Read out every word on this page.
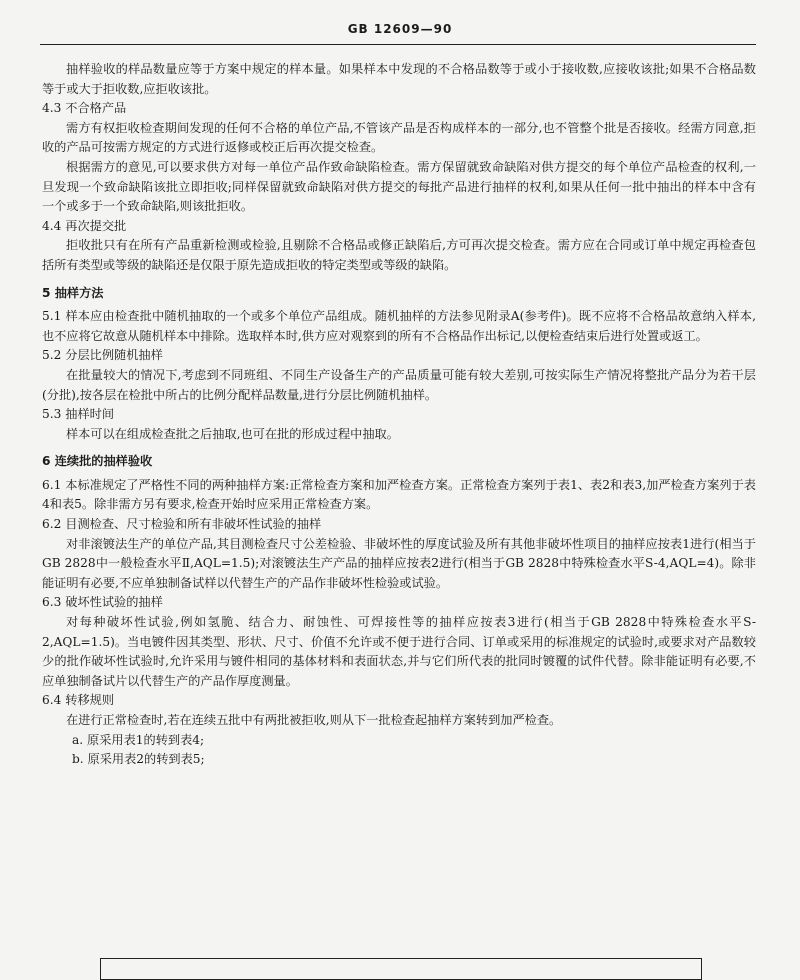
GB 12609—90

抽样验收的样品数量应等于方案中规定的样本量。如果样本中发现的不合格品数等于或小于接收数,应接收该批;如果不合格品数等于或大于拒收数,应拒收该批。

4.3 不合格产品

需方有权拒收检查期间发现的任何不合格的单位产品,不管该产品是否构成样本的一部分,也不管整个批是否接收。经需方同意,拒收的产品可按需方规定的方式进行返修或校正后再次提交检查。

根据需方的意见,可以要求供方对每一单位产品作致命缺陷检查。需方保留就致命缺陷对供方提交的每个单位产品检查的权利,一旦发现一个致命缺陷该批立即拒收;同样保留就致命缺陷对供方提交的每批产品进行抽样的权利,如果从任何一批中抽出的样本中含有一个或多于一个致命缺陷,则该批拒收。

4.4 再次提交批

拒收批只有在所有产品重新检测或检验,且剔除不合格品或修正缺陷后,方可再次提交检查。需方应在合同或订单中规定再检查包括所有类型或等级的缺陷还是仅限于原先造成拒收的特定类型或等级的缺陷。

5 抽样方法

5.1 样本应由检查批中随机抽取的一个或多个单位产品组成。随机抽样的方法参见附录A(参考件)。既不应将不合格品故意纳入样本,也不应将它故意从随机样本中排除。选取样本时,供方应对观察到的所有不合格品作出标记,以便检查结束后进行处置或返工。

5.2 分层比例随机抽样

在批量较大的情况下,考虑到不同班组、不同生产设备生产的产品质量可能有较大差别,可按实际生产情况将整批产品分为若干层(分批),按各层在检批中所占的比例分配样品数量,进行分层比例随机抽样。

5.3 抽样时间

样本可以在组成检查批之后抽取,也可在批的形成过程中抽取。

6 连续批的抽样验收

6.1 本标准规定了严格性不同的两种抽样方案:正常检查方案和加严检查方案。正常检查方案列于表1、表2和表3,加严检查方案列于表4和表5。除非需方另有要求,检查开始时应采用正常检查方案。

6.2 目测检查、尺寸检验和所有非破坏性试验的抽样

对非滚镀法生产的单位产品,其目测检查尺寸公差检验、非破坏性的厚度试验及所有其他非破坏性项目的抽样应按表1进行(相当于GB 2828中一般检查水平Ⅱ,AQL=1.5);对滚镀法生产产品的抽样应按表2进行(相当于GB 2828中特殊检查水平S-4,AQL=4)。除非能证明有必要,不应单独制备试样以代替生产的产品作非破坏性检验或试验。

6.3 破坏性试验的抽样

对每种破坏性试验,例如氢脆、结合力、耐蚀性、可焊接性等的抽样应按表3进行(相当于GB 2828中特殊检查水平S-2,AQL=1.5)。当电镀件因其类型、形状、尺寸、价值不允许或不便于进行合同、订单或采用的标准规定的试验时,或要求对产品数较少的批作破坏性试验时,允许采用与镀件相同的基体材料和表面状态,并与它们所代表的批同时镀覆的试件代替。除非能证明有必要,不应单独制备试片以代替生产的产品作厚度测量。

6.4 转移规则

在进行正常检查时,若在连续五批中有两批被拒收,则从下一批检查起抽样方案转到加严检查。

a. 原采用表1的转到表4;

b. 原采用表2的转到表5;
